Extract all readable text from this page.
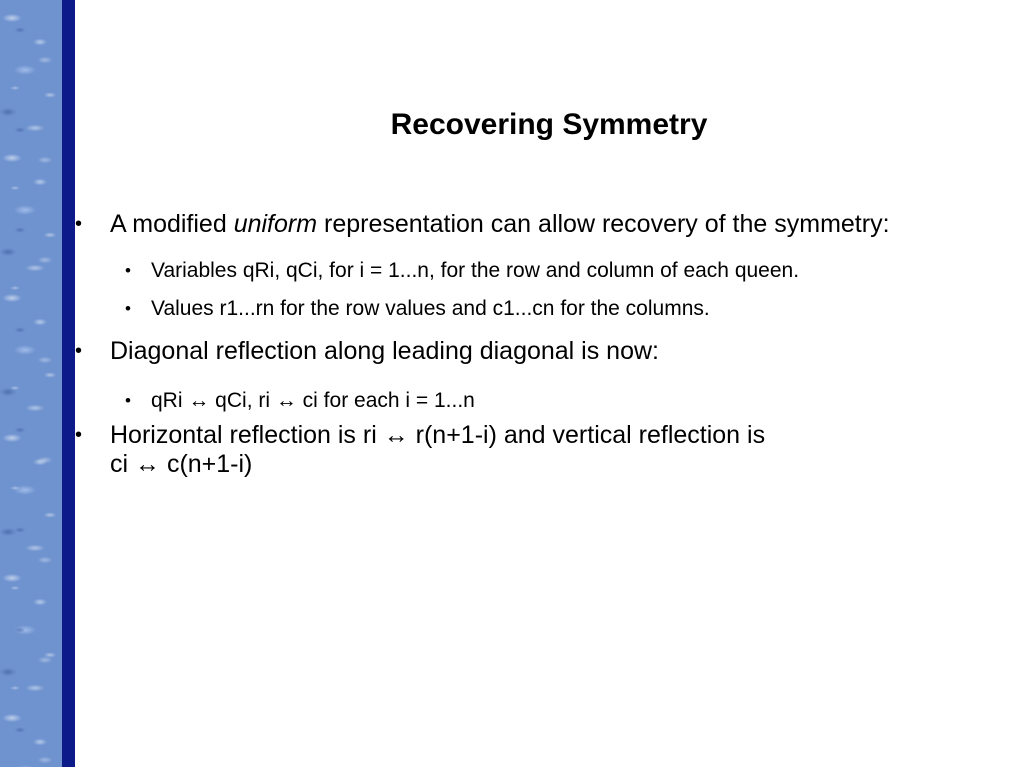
Recovering Symmetry
• A modified uniform representation can allow recovery of the symmetry:
• Variables qRi, qCi, for i = 1...n, for the row and column of each queen.
• Values r1...rn for the row values and c1...cn for the columns.
• Diagonal reflection along leading diagonal is now:
• qRi ↔ qCi, ri ↔ ci for each i = 1...n
• Horizontal reflection is ri ↔ r(n+1-i) and vertical reflection is
ci ↔ c(n+1-i)
